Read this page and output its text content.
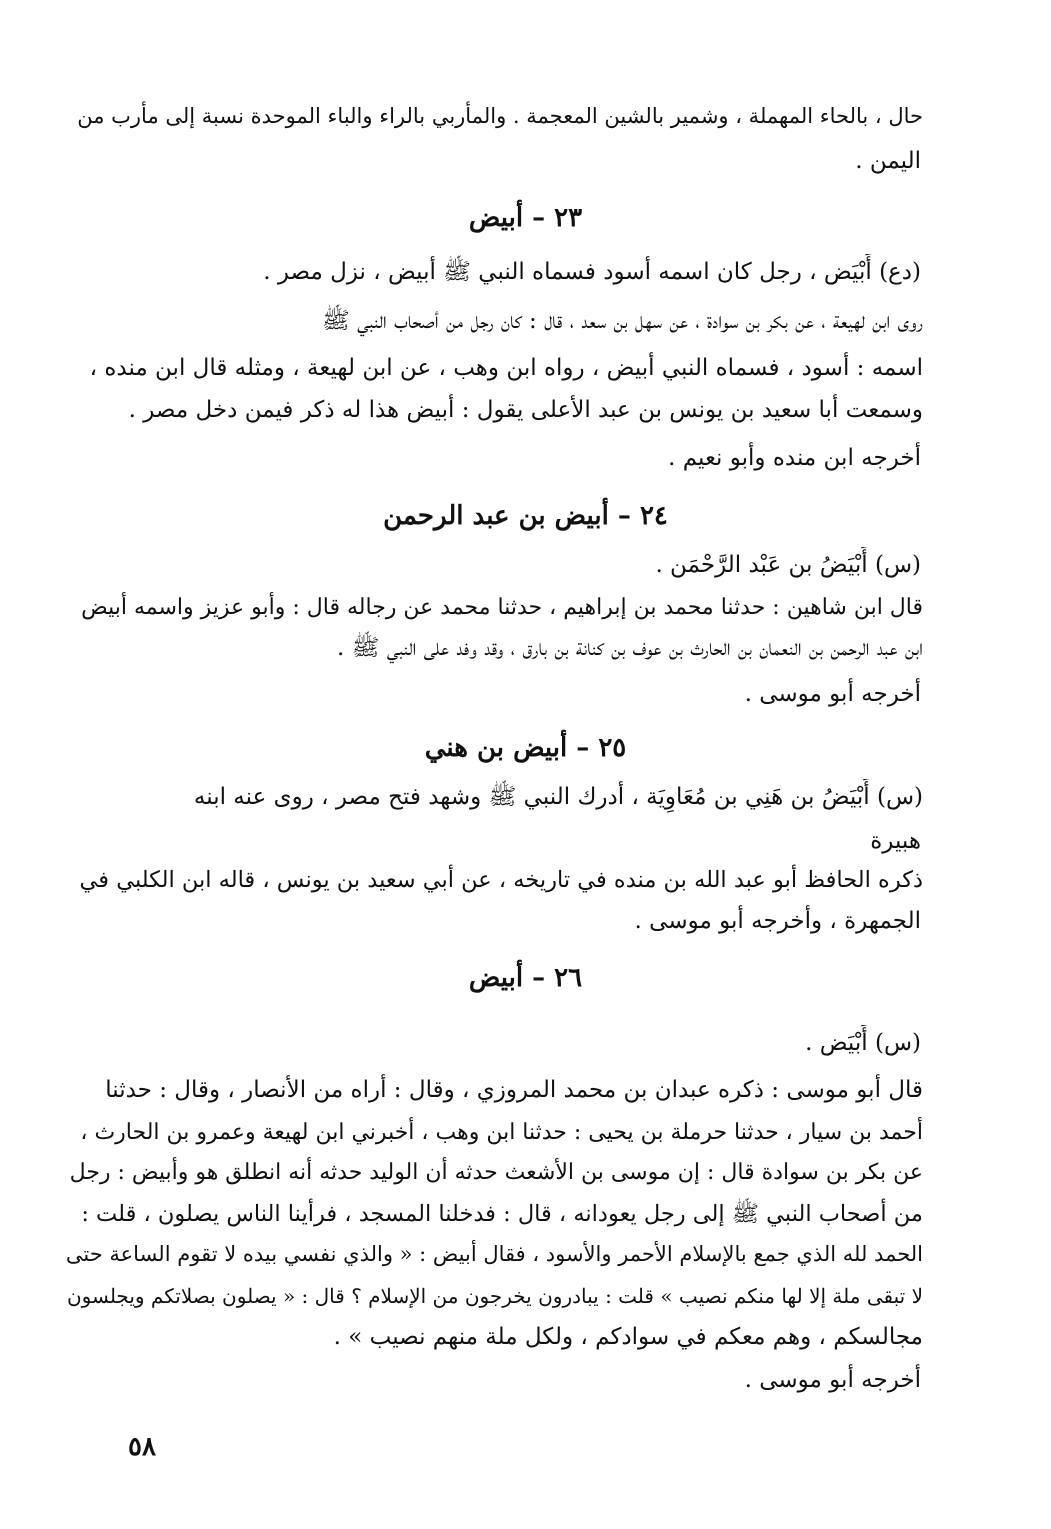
حال ، بالحاء المهملة ، وشمير بالشين المعجمة . والمأربي بالراء والباء الموحدة نسبة إلى مأرب من
اليمن .
٢٣ – أبيض
(دع) أَبْيَض ، رجل كان اسمه أسود فسماه النبي ﷺ أبيض ، نزل مصر .
روى ابن لهيعة ، عن بكر بن سوادة ، عن سهل بن سعد ، قال : كان رجل من أصحاب النبي ﷺ
اسمه : أسود ، فسماه النبي أبيض ، رواه ابن وهب ، عن ابن لهيعة ، ومثله قال ابن منده ،
وسمعت أبا سعيد بن يونس بن عبد الأعلى يقول : أبيض هذا له ذكر فيمن دخل مصر .
أخرجه ابن منده وأبو نعيم .
٢٤ – أبيض بن عبد الرحمن
(س) أَبْيَضُ بن عَبْد الرَّحْمَن .
قال ابن شاهين : حدثنا محمد بن إبراهيم ، حدثنا محمد عن رجاله قال : وأبو عزيز واسمه أبيض
ابن عبد الرحمن بن النعمان بن الحارث بن عوف بن كنانة بن بارق ، وقد وفد على النبي ﷺ .
أخرجه أبو موسى .
٢٥ – أبيض بن هني
(س) أَبْيَضُ بن هَنِي بن مُعَاوِيَة ، أدرك النبي ﷺ وشهد فتح مصر ، روى عنه ابنه
هبيرة
ذكره الحافظ أبو عبد الله بن منده في تاريخه ، عن أبي سعيد بن يونس ، قاله ابن الكلبي في
الجمهرة ، وأخرجه أبو موسى .
٢٦ – أبيض
(س) أَبْيَض .
قال أبو موسى : ذكره عبدان بن محمد المروزي ، وقال : أراه من الأنصار ، وقال : حدثنا
أحمد بن سيار ، حدثنا حرملة بن يحيى : حدثنا ابن وهب ، أخبرني ابن لهيعة وعمرو بن الحارث ،
عن بكر بن سوادة قال : إن موسى بن الأشعث حدثه أن الوليد حدثه أنه انطلق هو وأبيض : رجل
من أصحاب النبي ﷺ إلى رجل يعودانه ، قال : فدخلنا المسجد ، فرأينا الناس يصلون ، قلت :
الحمد لله الذي جمع بالإسلام الأحمر والأسود ، فقال أبيض : « والذي نفسي بيده لا تقوم الساعة حتى
لا تبقى ملة إلا لها منكم نصيب » قلت : يبادرون يخرجون من الإسلام ؟ قال : « يصلون بصلاتكم ويجلسون
مجالسكم ، وهم معكم في سوادكم ، ولكل ملة منهم نصيب » .
أخرجه أبو موسى .
٥٨
